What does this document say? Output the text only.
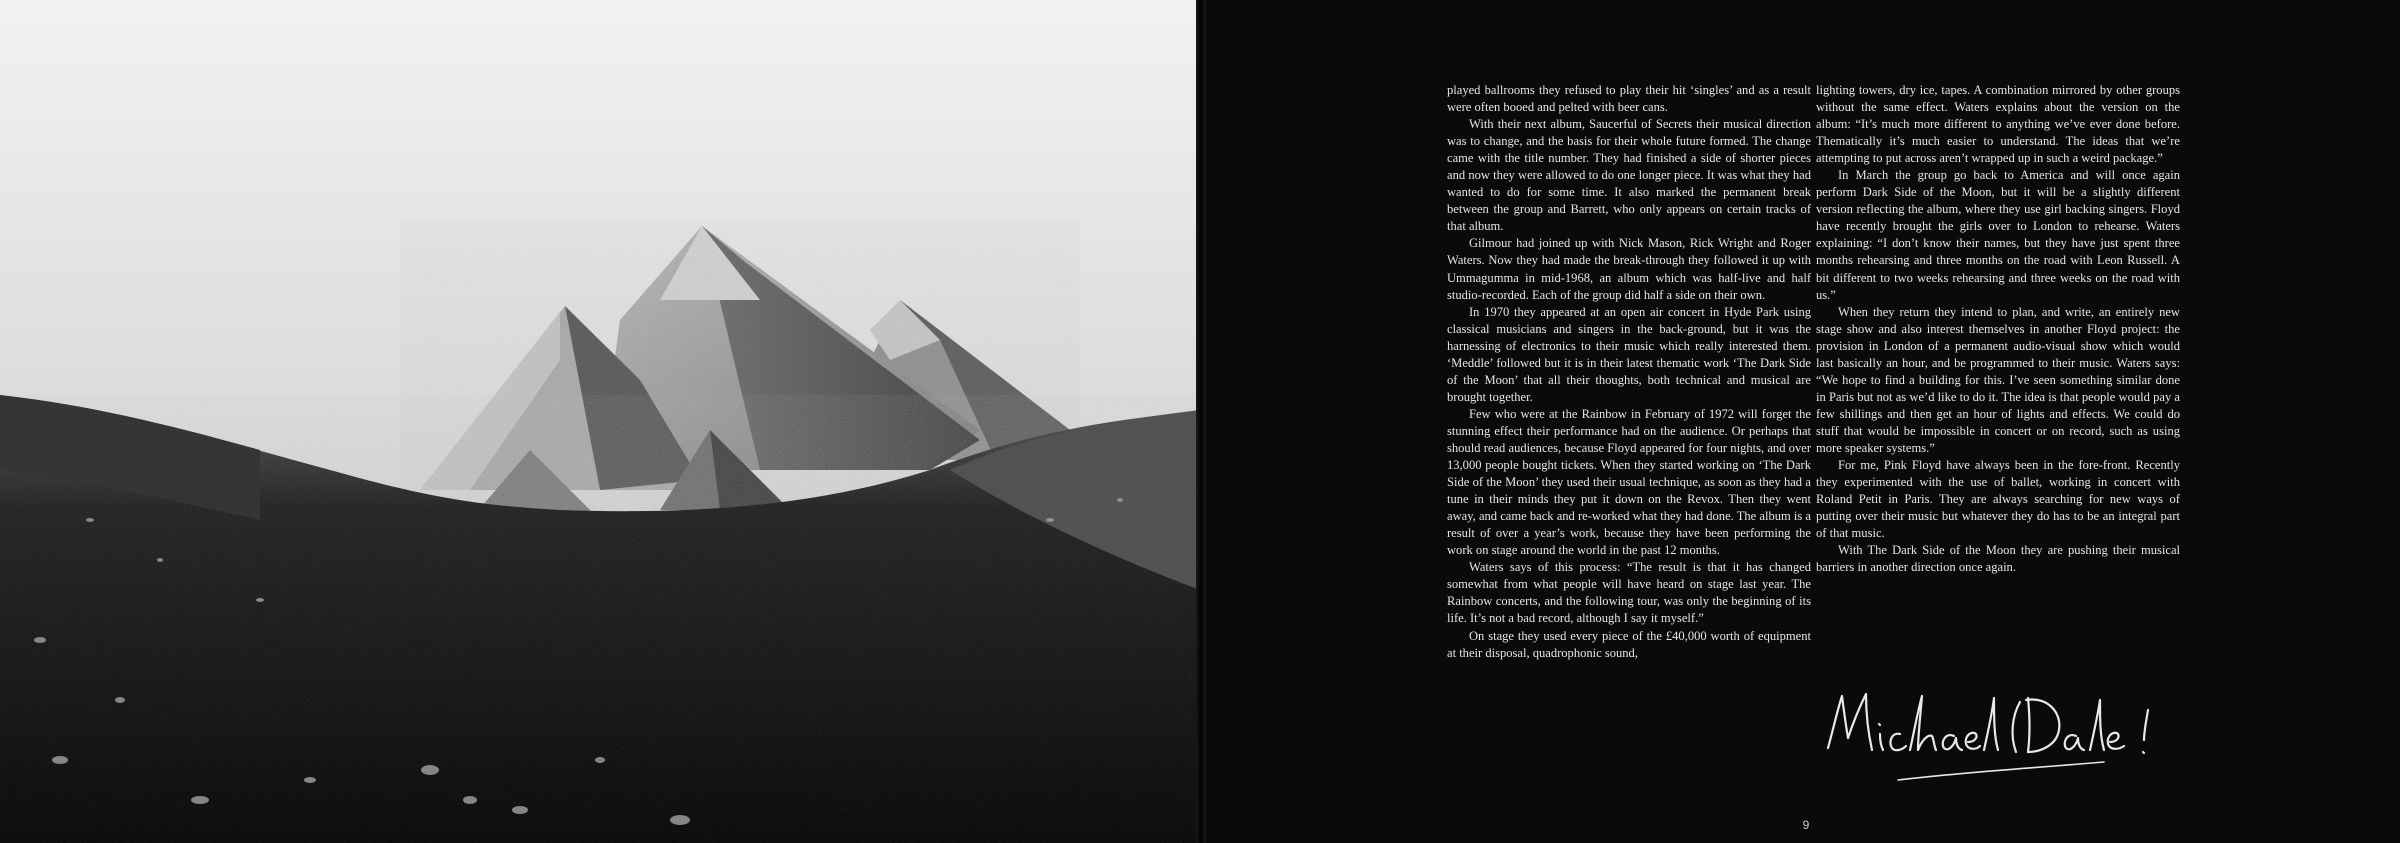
played ballrooms they refused to play their hit ‘singles’ and as a result were often booed and pelted with beer cans.

With their next album, Saucerful of Secrets their musical direction was to change, and the basis for their whole future formed. The change came with the title number. They had finished a side of shorter pieces and now they were allowed to do one longer piece. It was what they had wanted to do for some time. It also marked the permanent break between the group and Barrett, who only appears on certain tracks of that album.

Gilmour had joined up with Nick Mason, Rick Wright and Roger Waters. Now they had made the break-through they followed it up with Ummagumma in mid-1968, an album which was half-live and half studio-recorded. Each of the group did half a side on their own.

In 1970 they appeared at an open air concert in Hyde Park using classical musicians and singers in the back-ground, but it was the harnessing of electronics to their music which really interested them. ‘Meddle’ followed but it is in their latest thematic work ‘The Dark Side of the Moon’ that all their thoughts, both technical and musical are brought together.

Few who were at the Rainbow in February of 1972 will forget the stunning effect their performance had on the audience. Or perhaps that should read audiences, because Floyd appeared for four nights, and over 13,000 people bought tickets. When they started working on ‘The Dark Side of the Moon’ they used their usual technique, as soon as they had a tune in their minds they put it down on the Revox. Then they went away, and came back and re-worked what they had done. The album is a result of over a year’s work, because they have been performing the work on stage around the world in the past 12 months.

Waters says of this process: “The result is that it has changed somewhat from what people will have heard on stage last year. The Rainbow concerts, and the following tour, was only the beginning of its life. It’s not a bad record, although I say it myself.”

On stage they used every piece of the £40,000 worth of equipment at their disposal, quadrophonic sound,

lighting towers, dry ice, tapes. A combination mirrored by other groups without the same effect. Waters explains about the version on the album: “It’s much more different to anything we’ve ever done before. Thematically it’s much easier to understand. The ideas that we’re attempting to put across aren’t wrapped up in such a weird package.”

In March the group go back to America and will once again perform Dark Side of the Moon, but it will be a slightly different version reflecting the album, where they use girl backing singers. Floyd have recently brought the girls over to London to rehearse. Waters explaining: “I don’t know their names, but they have just spent three months rehearsing and three months on the road with Leon Russell. A bit different to two weeks rehearsing and three weeks on the road with us.”

When they return they intend to plan, and write, an entirely new stage show and also interest themselves in another Floyd project: the provision in London of a permanent audio-visual show which would last basically an hour, and be programmed to their music. Waters says: “We hope to find a building for this. I’ve seen something similar done in Paris but not as we’d like to do it. The idea is that people would pay a few shillings and then get an hour of lights and effects. We could do stuff that would be impossible in concert or on record, such as using more speaker systems.”

For me, Pink Floyd have always been in the fore-front. Recently they experimented with the use of ballet, working in concert with Roland Petit in Paris. They are always searching for new ways of putting over their music but whatever they do has to be an integral part of that music.

With The Dark Side of the Moon they are pushing their musical barriers in another direction once again.

9
